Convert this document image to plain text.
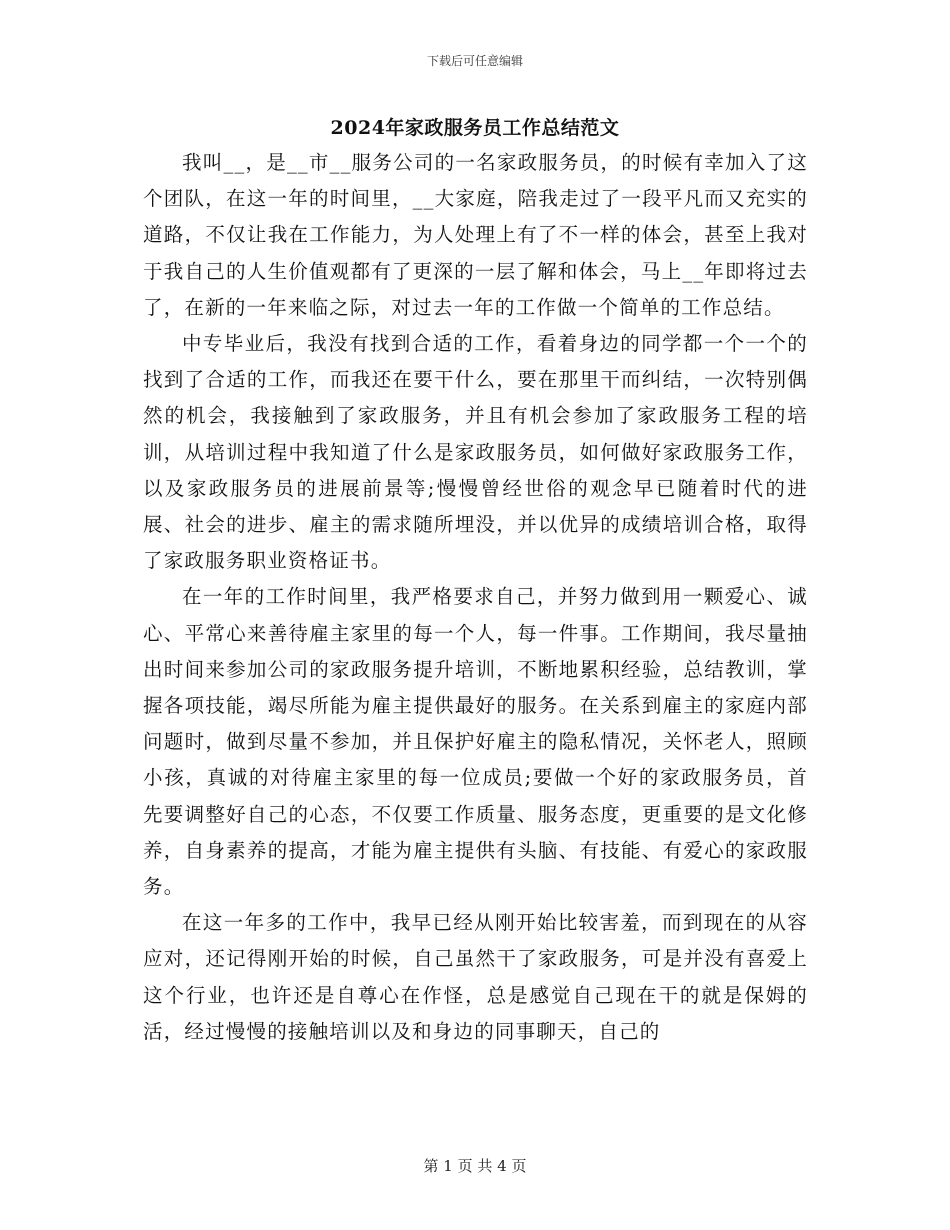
下载后可任意编辑
2024年家政服务员工作总结范文

我叫__，是__市__服务公司的一名家政服务员，的时候有幸加入了这个团队，在这一年的时间里，__大家庭，陪我走过了一段平凡而又充实的道路，不仅让我在工作能力，为人处理上有了不一样的体会，甚至上我对于我自己的人生价值观都有了更深的一层了解和体会，马上__年即将过去了，在新的一年来临之际，对过去一年的工作做一个简单的工作总结。

中专毕业后，我没有找到合适的工作，看着身边的同学都一个一个的找到了合适的工作，而我还在要干什么，要在那里干而纠结，一次特别偶然的机会，我接触到了家政服务，并且有机会参加了家政服务工程的培训，从培训过程中我知道了什么是家政服务员，如何做好家政服务工作，以及家政服务员的进展前景等;慢慢曾经世俗的观念早已随着时代的进展、社会的进步、雇主的需求随所埋没，并以优异的成绩培训合格，取得了家政服务职业资格证书。

在一年的工作时间里，我严格要求自己，并努力做到用一颗爱心、诚心、平常心来善待雇主家里的每一个人，每一件事。工作期间，我尽量抽出时间来参加公司的家政服务提升培训，不断地累积经验，总结教训，掌握各项技能，竭尽所能为雇主提供最好的服务。在关系到雇主的家庭内部问题时，做到尽量不参加，并且保护好雇主的隐私情况，关怀老人，照顾小孩，真诚的对待雇主家里的每一位成员;要做一个好的家政服务员，首先要调整好自己的心态，不仅要工作质量、服务态度，更重要的是文化修养，自身素养的提高，才能为雇主提供有头脑、有技能、有爱心的家政服务。

在这一年多的工作中，我早已经从刚开始比较害羞，而到现在的从容应对，还记得刚开始的时候，自己虽然干了家政服务，可是并没有喜爱上这个行业，也许还是自尊心在作怪，总是感觉自己现在干的就是保姆的活，经过慢慢的接触培训以及和身边的同事聊天，自己的

第 1 页 共 4 页
